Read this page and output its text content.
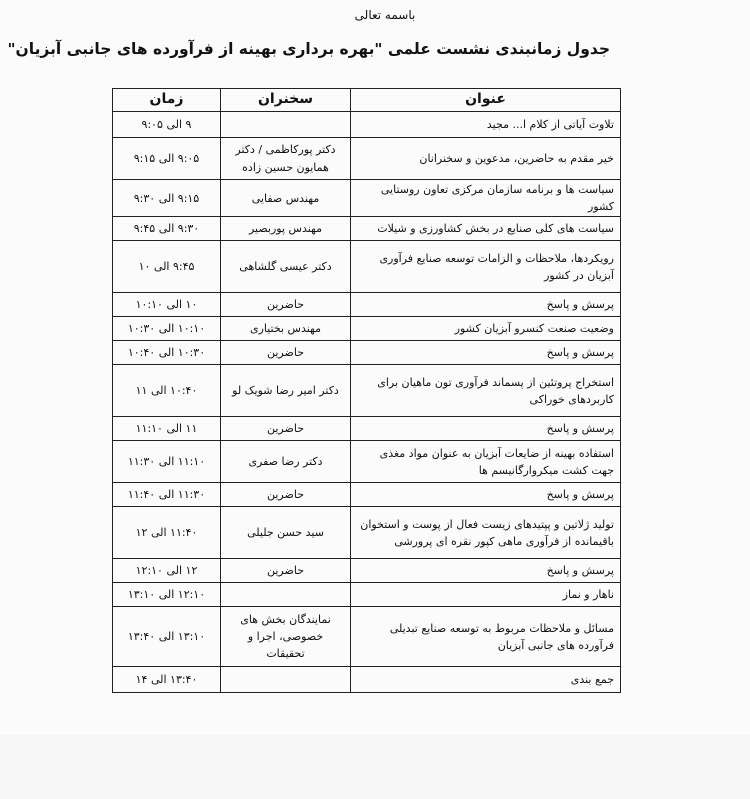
باسمه تعالی
جدول زمانبندی نشست علمی "بهره برداری بهینه از فرآورده های جانبی آبزیان"
عنوان	سخنران	زمان
تلاوت آیاتی از کلام ا... مجید		۹ الی ۹:۰۵
خیر مقدم به حاضرین، مدعوین و سخنرانان	دکتر پورکاظمی / دکتر همایون حسین زاده	۹:۰۵ الی ۹:۱۵
سیاست ها و برنامه سازمان مرکزی تعاون روستایی کشور	مهندس صفایی	۹:۱۵ الی ۹:۳۰
سیاست های کلی صنایع در بخش کشاورزی و شیلات	مهندس پوربصیر	۹:۳۰ الی ۹:۴۵
رویکردها، ملاحظات و الزامات توسعه صنایع فرآوری آبزیان در کشور	دکتر عیسی گلشاهی	۹:۴۵ الی ۱۰
پرسش و پاسخ	حاضرین	۱۰ الی ۱۰:۱۰
وضعیت صنعت کنسرو آبزیان کشور	مهندس بختیاری	۱۰:۱۰ الی ۱۰:۳۰
پرسش و پاسخ	حاضرین	۱۰:۳۰ الی ۱۰:۴۰
استخراج پروتئین از پسماند فرآوری تون ماهیان برای کاربردهای خوراکی	دکتر امیر رضا شویک لو	۱۰:۴۰ الی ۱۱
پرسش و پاسخ	حاضرین	۱۱ الی ۱۱:۱۰
استفاده بهینه از ضایعات آبزیان به عنوان مواد مغذی جهت کشت میکروارگانیسم ها	دکتر رضا صفری	۱۱:۱۰ الی ۱۱:۳۰
پرسش و پاسخ	حاضرین	۱۱:۳۰ الی ۱۱:۴۰
تولید ژلاتین و پپتیدهای زیست فعال از پوست و استخوان باقیمانده از فرآوری ماهی کپور نقره ای پرورشی	سید حسن جلیلی	۱۱:۴۰ الی ۱۲
پرسش و پاسخ	حاضرین	۱۲ الی ۱۲:۱۰
ناهار و نماز		۱۲:۱۰ الی ۱۳:۱۰
مسائل و ملاحظات مربوط به توسعه صنایع تبدیلی فرآورده های جانبی آبزیان	نمایندگان بخش های خصوصی، اجرا و تحقیقات	۱۳:۱۰ الی ۱۳:۴۰
جمع بندی		۱۳:۴۰ الی ۱۴
